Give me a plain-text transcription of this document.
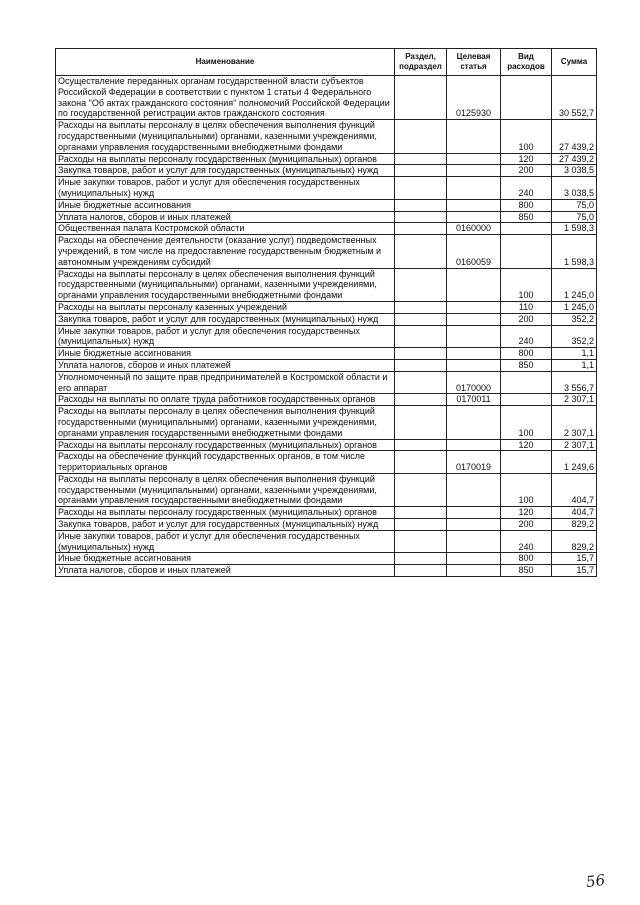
Наименование	Раздел, подраздел	Целевая статья	Вид расходов	Сумма
Осуществление переданных органам государственной власти субъектов Российской Федерации в соответствии с пунктом 1 статьи 4 Федерального закона "Об актах гражданского состояния" полномочий Российской Федерации по государственной регистрации актов гражданского состояния		0125930		30 552,7
Расходы на выплаты персоналу в целях обеспечения выполнения функций государственными (муниципальными) органами, казенными учреждениями, органами управления государственными внебюджетными фондами			100	27 439,2
Расходы на выплаты персоналу государственных (муниципальных) органов			120	27 439,2
Закупка товаров, работ и услуг для государственных (муниципальных) нужд			200	3 038,5
Иные закупки товаров, работ и услуг для обеспечения государственных (муниципальных) нужд			240	3 038,5
Иные бюджетные ассигнования			800	75,0
Уплата налогов, сборов и иных платежей			850	75,0
Общественная палата Костромской области		0160000		1 598,3
Расходы на обеспечение деятельности (оказание услуг) подведомственных учреждений, в том числе на предоставление государственным бюджетным и автономным учреждениям субсидий		0160059		1 598,3
Расходы на выплаты персоналу в целях обеспечения выполнения функций государственными (муниципальными) органами, казенными учреждениями, органами управления государственными внебюджетными фондами			100	1 245,0
Расходы на выплаты персоналу казенных учреждений			110	1 245,0
Закупка товаров, работ и услуг для государственных (муниципальных) нужд			200	352,2
Иные закупки товаров, работ и услуг для обеспечения государственных (муниципальных) нужд			240	352,2
Иные бюджетные ассигнования			800	1,1
Уплата налогов, сборов и иных платежей			850	1,1
Уполномоченный по защите прав предпринимателей в Костромской области и его аппарат		0170000		3 556,7
Расходы на выплаты по оплате труда работников государственных органов		0170011		2 307,1
Расходы на выплаты персоналу в целях обеспечения выполнения функций государственными (муниципальными) органами, казенными учреждениями, органами управления государственными внебюджетными фондами			100	2 307,1
Расходы на выплаты персоналу государственных (муниципальных) органов			120	2 307,1
Расходы на обеспечение функций государственных органов, в том числе территориальных органов		0170019		1 249,6
Расходы на выплаты персоналу в целях обеспечения выполнения функций государственными (муниципальными) органами, казенными учреждениями, органами управления государственными внебюджетными фондами			100	404,7
Расходы на выплаты персоналу государственных (муниципальных) органов			120	404,7
Закупка товаров, работ и услуг для государственных (муниципальных) нужд			200	829,2
Иные закупки товаров, работ и услуг для обеспечения государственных (муниципальных) нужд			240	829,2
Иные бюджетные ассигнования			800	15,7
Уплата налогов, сборов и иных платежей			850	15,7
56
